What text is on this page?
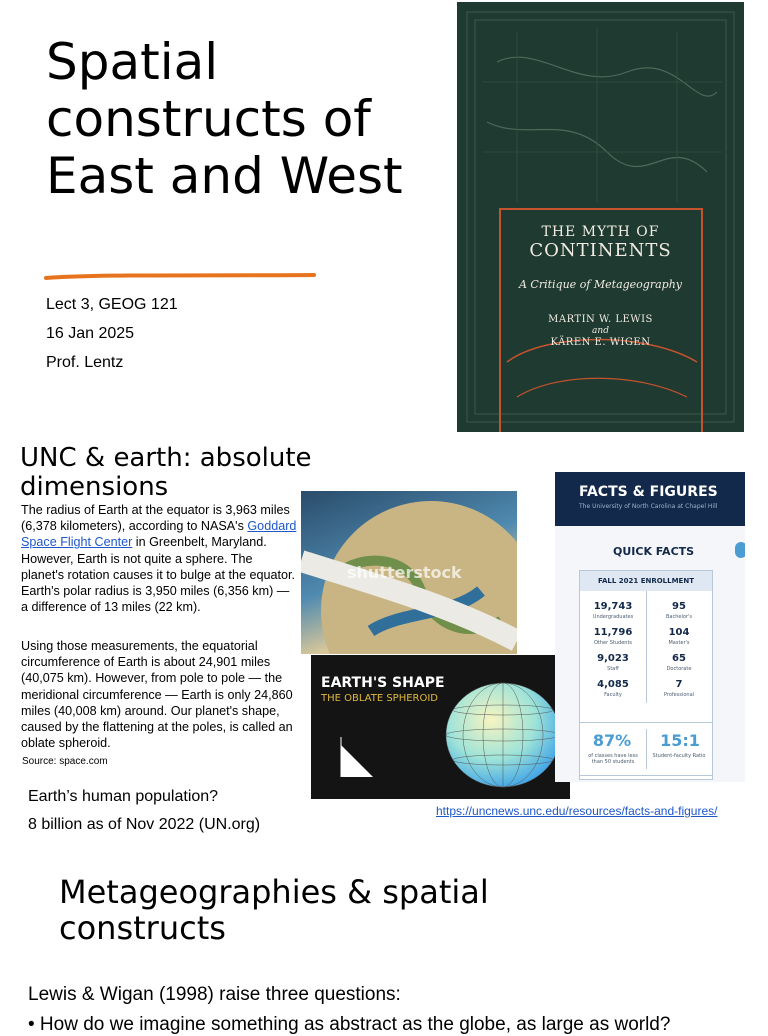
Spatial constructs of East and West
Lect 3, GEOG 121
16 Jan 2025
Prof. Lentz
THE MYTH OF
CONTINENTS
A Critique of Metageography
MARTIN W. LEWIS
and
KÄREN E. WIGEN
UNC & earth: absolute dimensions
The radius of Earth at the equator is 3,963 miles (6,378 kilometers), according to NASA's Goddard Space Flight Center in Greenbelt, Maryland. However, Earth is not quite a sphere. The planet's rotation causes it to bulge at the equator. Earth's polar radius is 3,950 miles (6,356 km) — a difference of 13 miles (22 km).
Using those measurements, the equatorial circumference of Earth is about 24,901 miles (40,075 km). However, from pole to pole — the meridional circumference — Earth is only 24,860 miles (40,008 km) around. Our planet's shape, caused by the flattening at the poles, is called an oblate spheroid.
Source: space.com
Earth’s human population?
8 billion as of Nov 2022 (UN.org)
shutterstock
EARTH'S SHAPE
THE OBLATE SPHEROID
FACTS & FIGURES
The University of North Carolina at Chapel Hill
QUICK FACTS
FALL 2021 ENROLLMENT
19,743
Undergraduates
95
Bachelor's
11,796
Other Students
104
Master's
9,023
Staff
65
Doctorate
4,085
Faculty
7
Professional
87%
of classes have less than 50 students
15:1
Student-faculty Ratio
https://uncnews.unc.edu/resources/facts-and-figures/
Metageographies & spatial constructs
Lewis & Wigan (1998) raise three questions:
• How do we imagine something as abstract as the globe, as large as world?
